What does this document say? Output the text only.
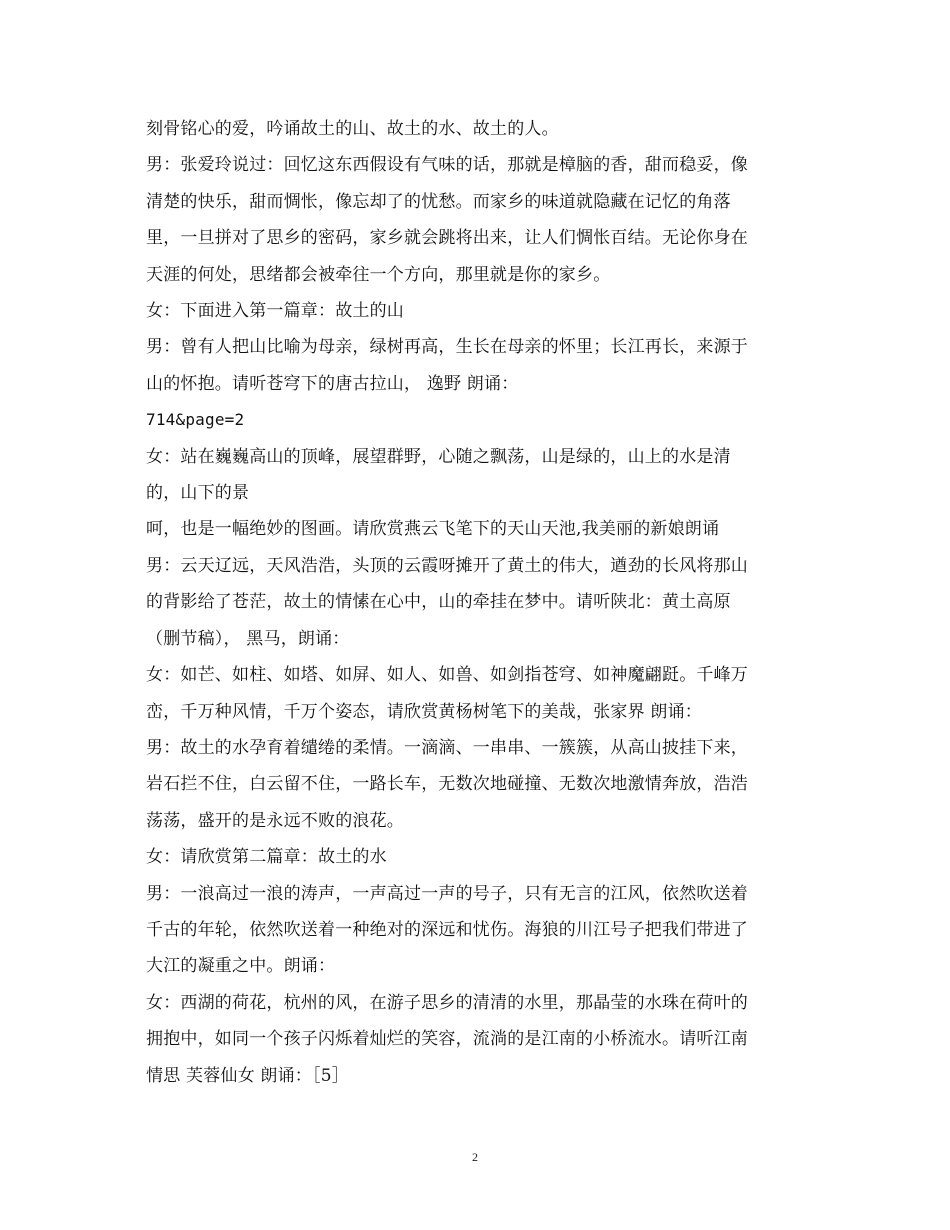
刻骨铭心的爱，吟诵故土的山、故土的水、故土的人。

男：张爱玲说过：回忆这东西假设有气味的话，那就是樟脑的香，甜而稳妥，像
清楚的快乐，甜而惆怅，像忘却了的忧愁。而家乡的味道就隐藏在记忆的角落
里，一旦拼对了思乡的密码，家乡就会跳将出来，让人们惆怅百结。无论你身在
天涯的何处，思绪都会被牵往一个方向，那里就是你的家乡。

女：下面进入第一篇章：故土的山

男：曾有人把山比喻为母亲，绿树再高，生长在母亲的怀里；长江再长，来源于
山的怀抱。请听苍穹下的唐古拉山， 逸野 朗诵：

714&page=2

女：站在巍巍高山的顶峰，展望群野，心随之飘荡，山是绿的，山上的水是清
的，山下的景

呵，也是一幅绝妙的图画。请欣赏燕云飞笔下的天山天池,我美丽的新娘朗诵

男：云天辽远，天风浩浩，头顶的云霞呀摊开了黄土的伟大，遒劲的长风将那山
的背影给了苍茫，故土的情愫在心中，山的牵挂在梦中。请听陕北：黄土高原
（删节稿）， 黑马，朗诵：

女：如芒、如柱、如塔、如屏、如人、如兽、如剑指苍穹、如神魔翩跹。千峰万
峦，千万种风情，千万个姿态，请欣赏黄杨树笔下的美哉，张家界 朗诵：

男：故土的水孕育着缱绻的柔情。一滴滴、一串串、一簇簇，从高山披挂下来，
岩石拦不住，白云留不住，一路长车，无数次地碰撞、无数次地激情奔放，浩浩
荡荡，盛开的是永远不败的浪花。

女：请欣赏第二篇章：故土的水

男：一浪高过一浪的涛声，一声高过一声的号子，只有无言的江风，依然吹送着
千古的年轮，依然吹送着一种绝对的深远和忧伤。海狼的川江号子把我们带进了
大江的凝重之中。朗诵：

女：西湖的荷花，杭州的风，在游子思乡的清清的水里，那晶莹的水珠在荷叶的
拥抱中，如同一个孩子闪烁着灿烂的笑容，流淌的是江南的小桥流水。请听江南
情思 芙蓉仙女 朗诵：［5］

2
